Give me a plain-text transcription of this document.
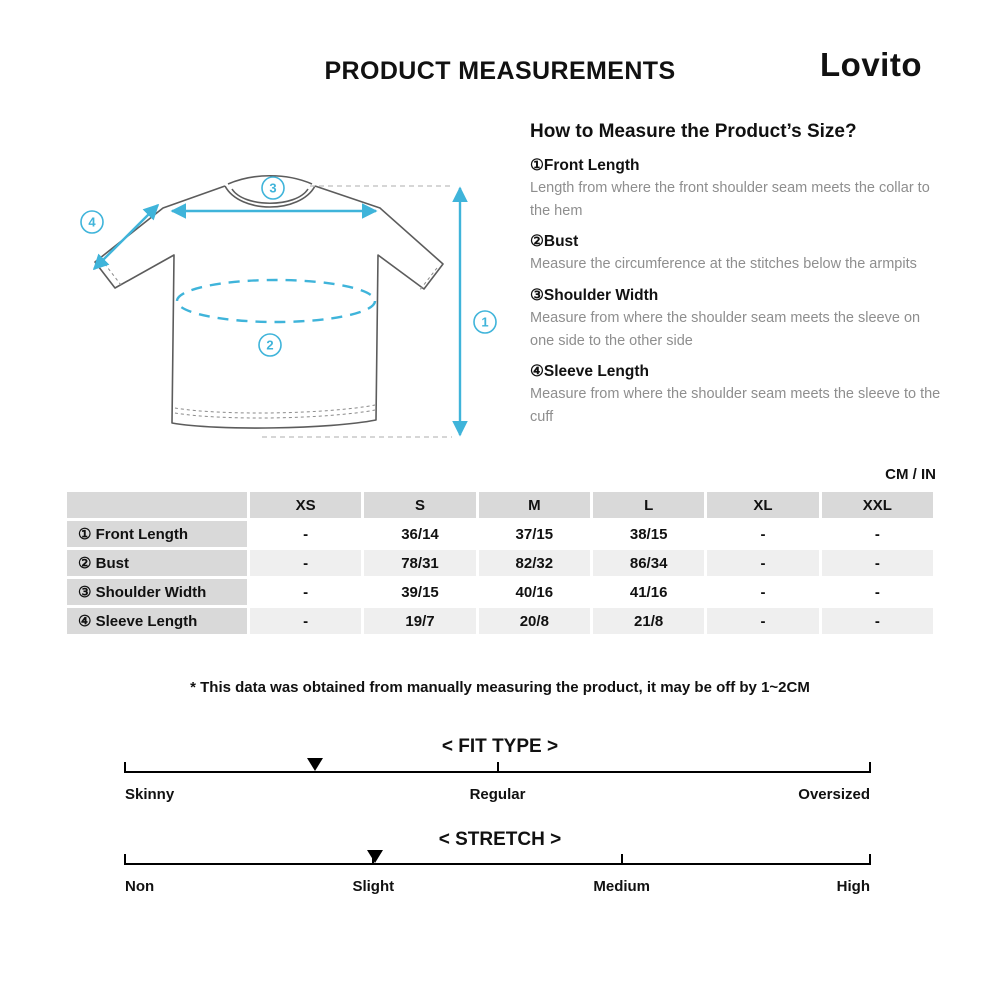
PRODUCT MEASUREMENTS	Lovito
3
4
2
1
How to Measure the Product’s Size?
①Front Length
Length from where the front shoulder seam meets the collar to the hem
②Bust
Measure the circumference at the stitches below the armpits
③Shoulder Width
Measure from where the shoulder seam meets the sleeve on one side to the other side
④Sleeve Length
Measure from where the shoulder seam meets the sleeve to the cuff
CM / IN
	XS	S	M	L	XL	XXL
① Front Length	-	36/14	37/15	38/15	-	-
② Bust	-	78/31	82/32	86/34	-	-
③ Shoulder Width	-	39/15	40/16	41/16	-	-
④ Sleeve Length	-	19/7	20/8	21/8	-	-
* This data was obtained from manually measuring the product, it may be off by 1~2CM
< FIT TYPE >
Skinny	Regular	Oversized
< STRETCH >
Non	Slight	Medium	High
